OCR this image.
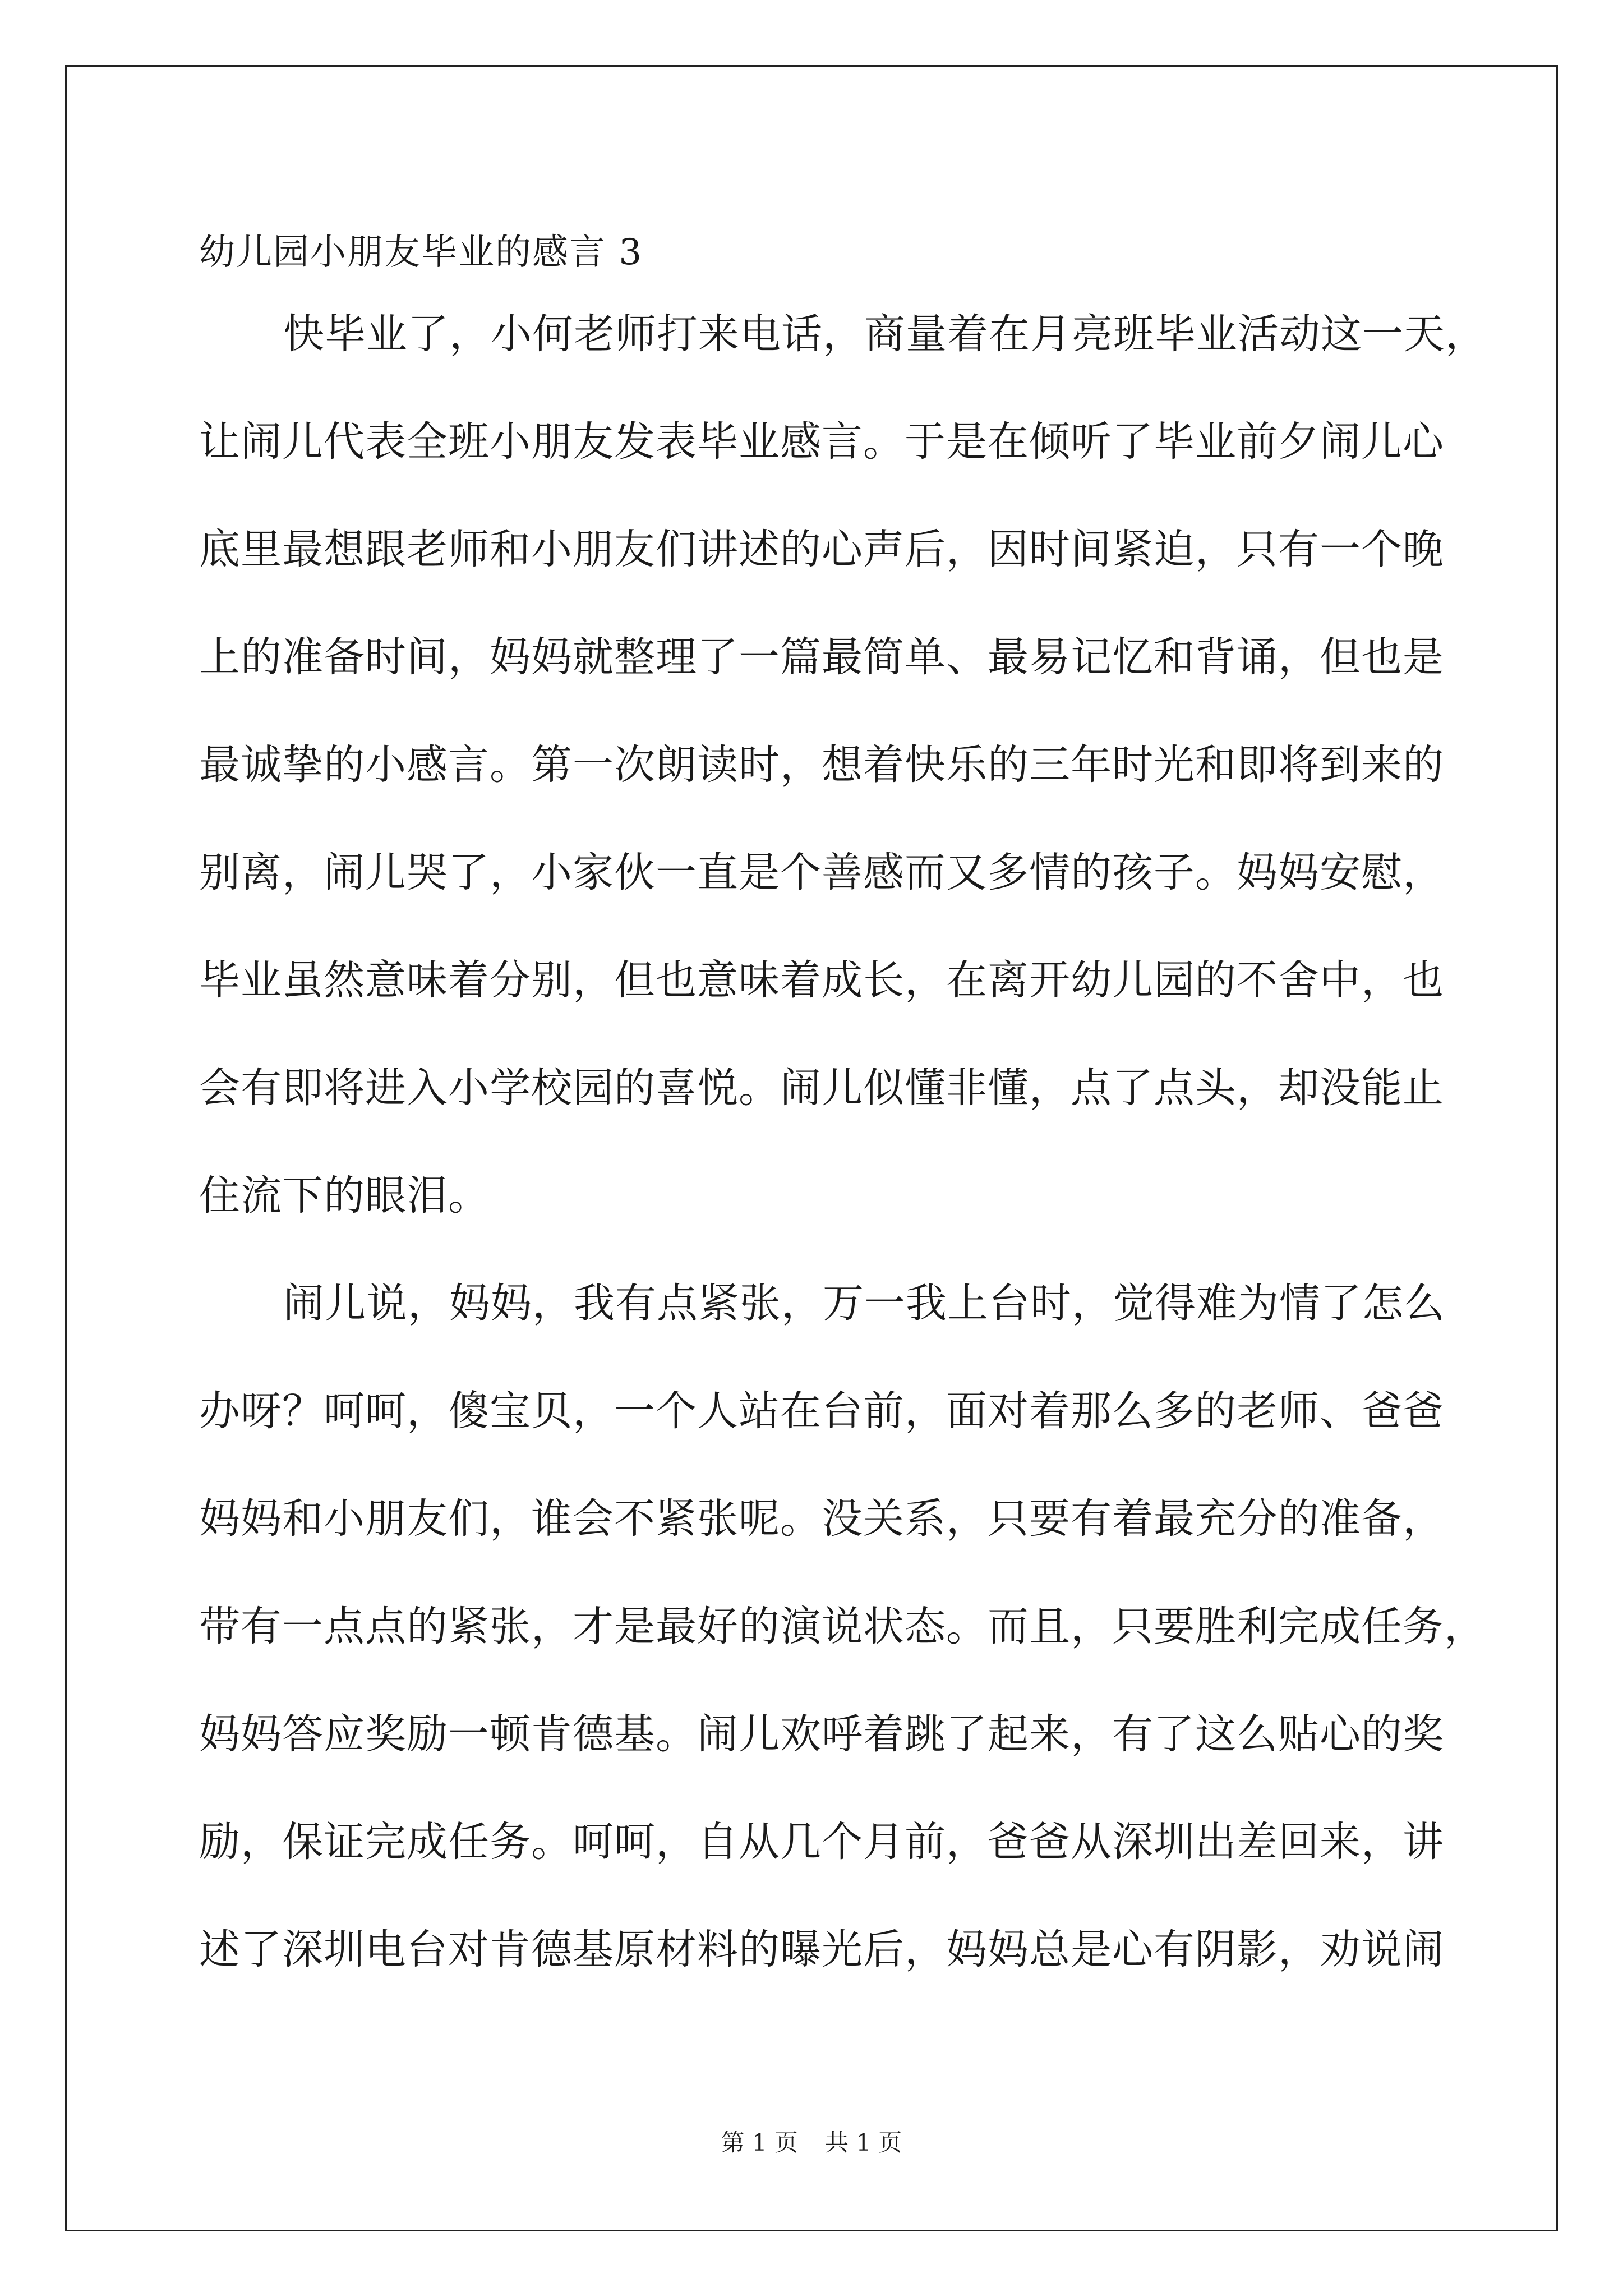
幼儿园小朋友毕业的感言 3
快毕业了，小何老师打来电话，商量着在月亮班毕业活动这一天，
让闹儿代表全班小朋友发表毕业感言。于是在倾听了毕业前夕闹儿心
底里最想跟老师和小朋友们讲述的心声后，因时间紧迫，只有一个晚
上的准备时间，妈妈就整理了一篇最简单、最易记忆和背诵，但也是
最诚挚的小感言。第一次朗读时，想着快乐的三年时光和即将到来的
别离，闹儿哭了，小家伙一直是个善感而又多情的孩子。妈妈安慰，
毕业虽然意味着分别，但也意味着成长，在离开幼儿园的不舍中，也
会有即将进入小学校园的喜悦。闹儿似懂非懂，点了点头，却没能止
住流下的眼泪。
闹儿说，妈妈，我有点紧张，万一我上台时，觉得难为情了怎么
办呀？呵呵，傻宝贝，一个人站在台前，面对着那么多的老师、爸爸
妈妈和小朋友们，谁会不紧张呢。没关系，只要有着最充分的准备，
带有一点点的紧张，才是最好的演说状态。而且，只要胜利完成任务，
妈妈答应奖励一顿肯德基。闹儿欢呼着跳了起来，有了这么贴心的奖
励，保证完成任务。呵呵，自从几个月前，爸爸从深圳出差回来，讲
述了深圳电台对肯德基原材料的曝光后，妈妈总是心有阴影，劝说闹
第 1 页 共 1 页
